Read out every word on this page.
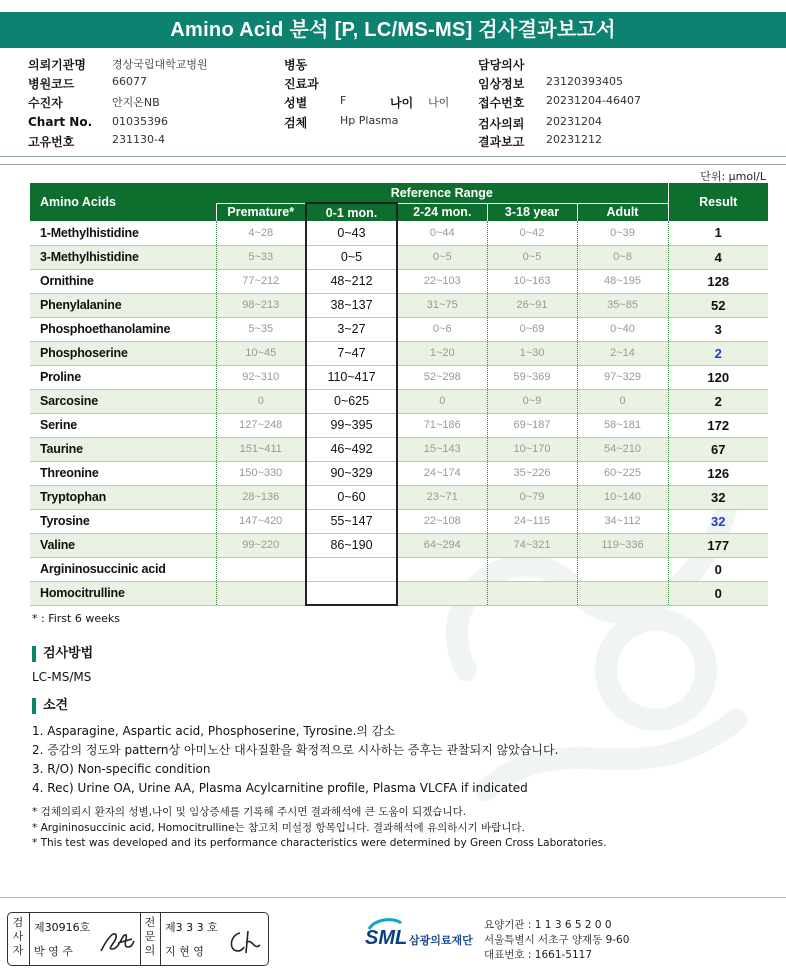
Amino Acid 분석 [P, LC/MS-MS] 검사결과보고서
의뢰기관명 경상국립대학교병원
병원코드	66077
수진자	안지온NB
Chart No. 01035396
고유번호	231130-4
병동
진료과
성별	F	나이 나이
검체	Hp Plasma
담당의사
임상정보 23120393405
접수번호 20231204-46407
검사의뢰 20231204
결과보고 20231212
단위: µmol/L
Amino Acids	Reference Range					Result
	Premature*	0-1 mon.	2-24 mon.	3-18 year	Adult	
1-Methylhistidine	4~28	0~43	0~44	0~42	0~39	1
3-Methylhistidine	5~33	0~5	0~5	0~5	0~8	4
Ornithine	77~212	48~212	22~103	10~163	48~195	128
Phenylalanine	98~213	38~137	31~75	26~91	35~85	52
Phosphoethanolamine	5~35	3~27	0~6	0~69	0~40	3
Phosphoserine	10~45	7~47	1~20	1~30	2~14	2
Proline	92~310	110~417	52~298	59~369	97~329	120
Sarcosine	0	0~625	0	0~9	0	2
Serine	127~248	99~395	71~186	69~187	58~181	172
Taurine	151~411	46~492	15~143	10~170	54~210	67
Threonine	150~330	90~329	24~174	35~226	60~225	126
Tryptophan	28~136	0~60	23~71	0~79	10~140	32
Tyrosine	147~420	55~147	22~108	24~115	34~112	32
Valine	99~220	86~190	64~294	74~321	119~336	177
Argininosuccinic acid						0
Homocitrulline						0
* : First 6 weeks
검사방법
LC-MS/MS
소견
1. Asparagine, Aspartic acid, Phosphoserine, Tyrosine.의 감소
2. 증감의 정도와 pattern상 아미노산 대사질환을 확정적으로 시사하는 증후는 관찰되지 않았습니다.
3. R/O) Non-specific condition
4. Rec) Urine OA, Urine AA, Plasma Acylcarnitine profile, Plasma VLCFA if indicated
* 검체의뢰시 환자의 성별,나이 및 임상증세를 기록해 주시면 결과해석에 큰 도움이 되겠습니다.
* Argininosuccinic acid, Homocitrulline는 참고치 미설정 항목입니다. 결과해석에 유의하시기 바랍니다.
* This test was developed and its performance characteristics were determined by Green Cross Laboratories.
검사자
제30916호
박 영 주
전문의
제3 3 3 호
지 현 영
SML 삼광의료재단
요양기관 : 1 1 3 6 5 2 0 0
서울특별시 서초구 양재동 9-60
대표번호 : 1661-5117
